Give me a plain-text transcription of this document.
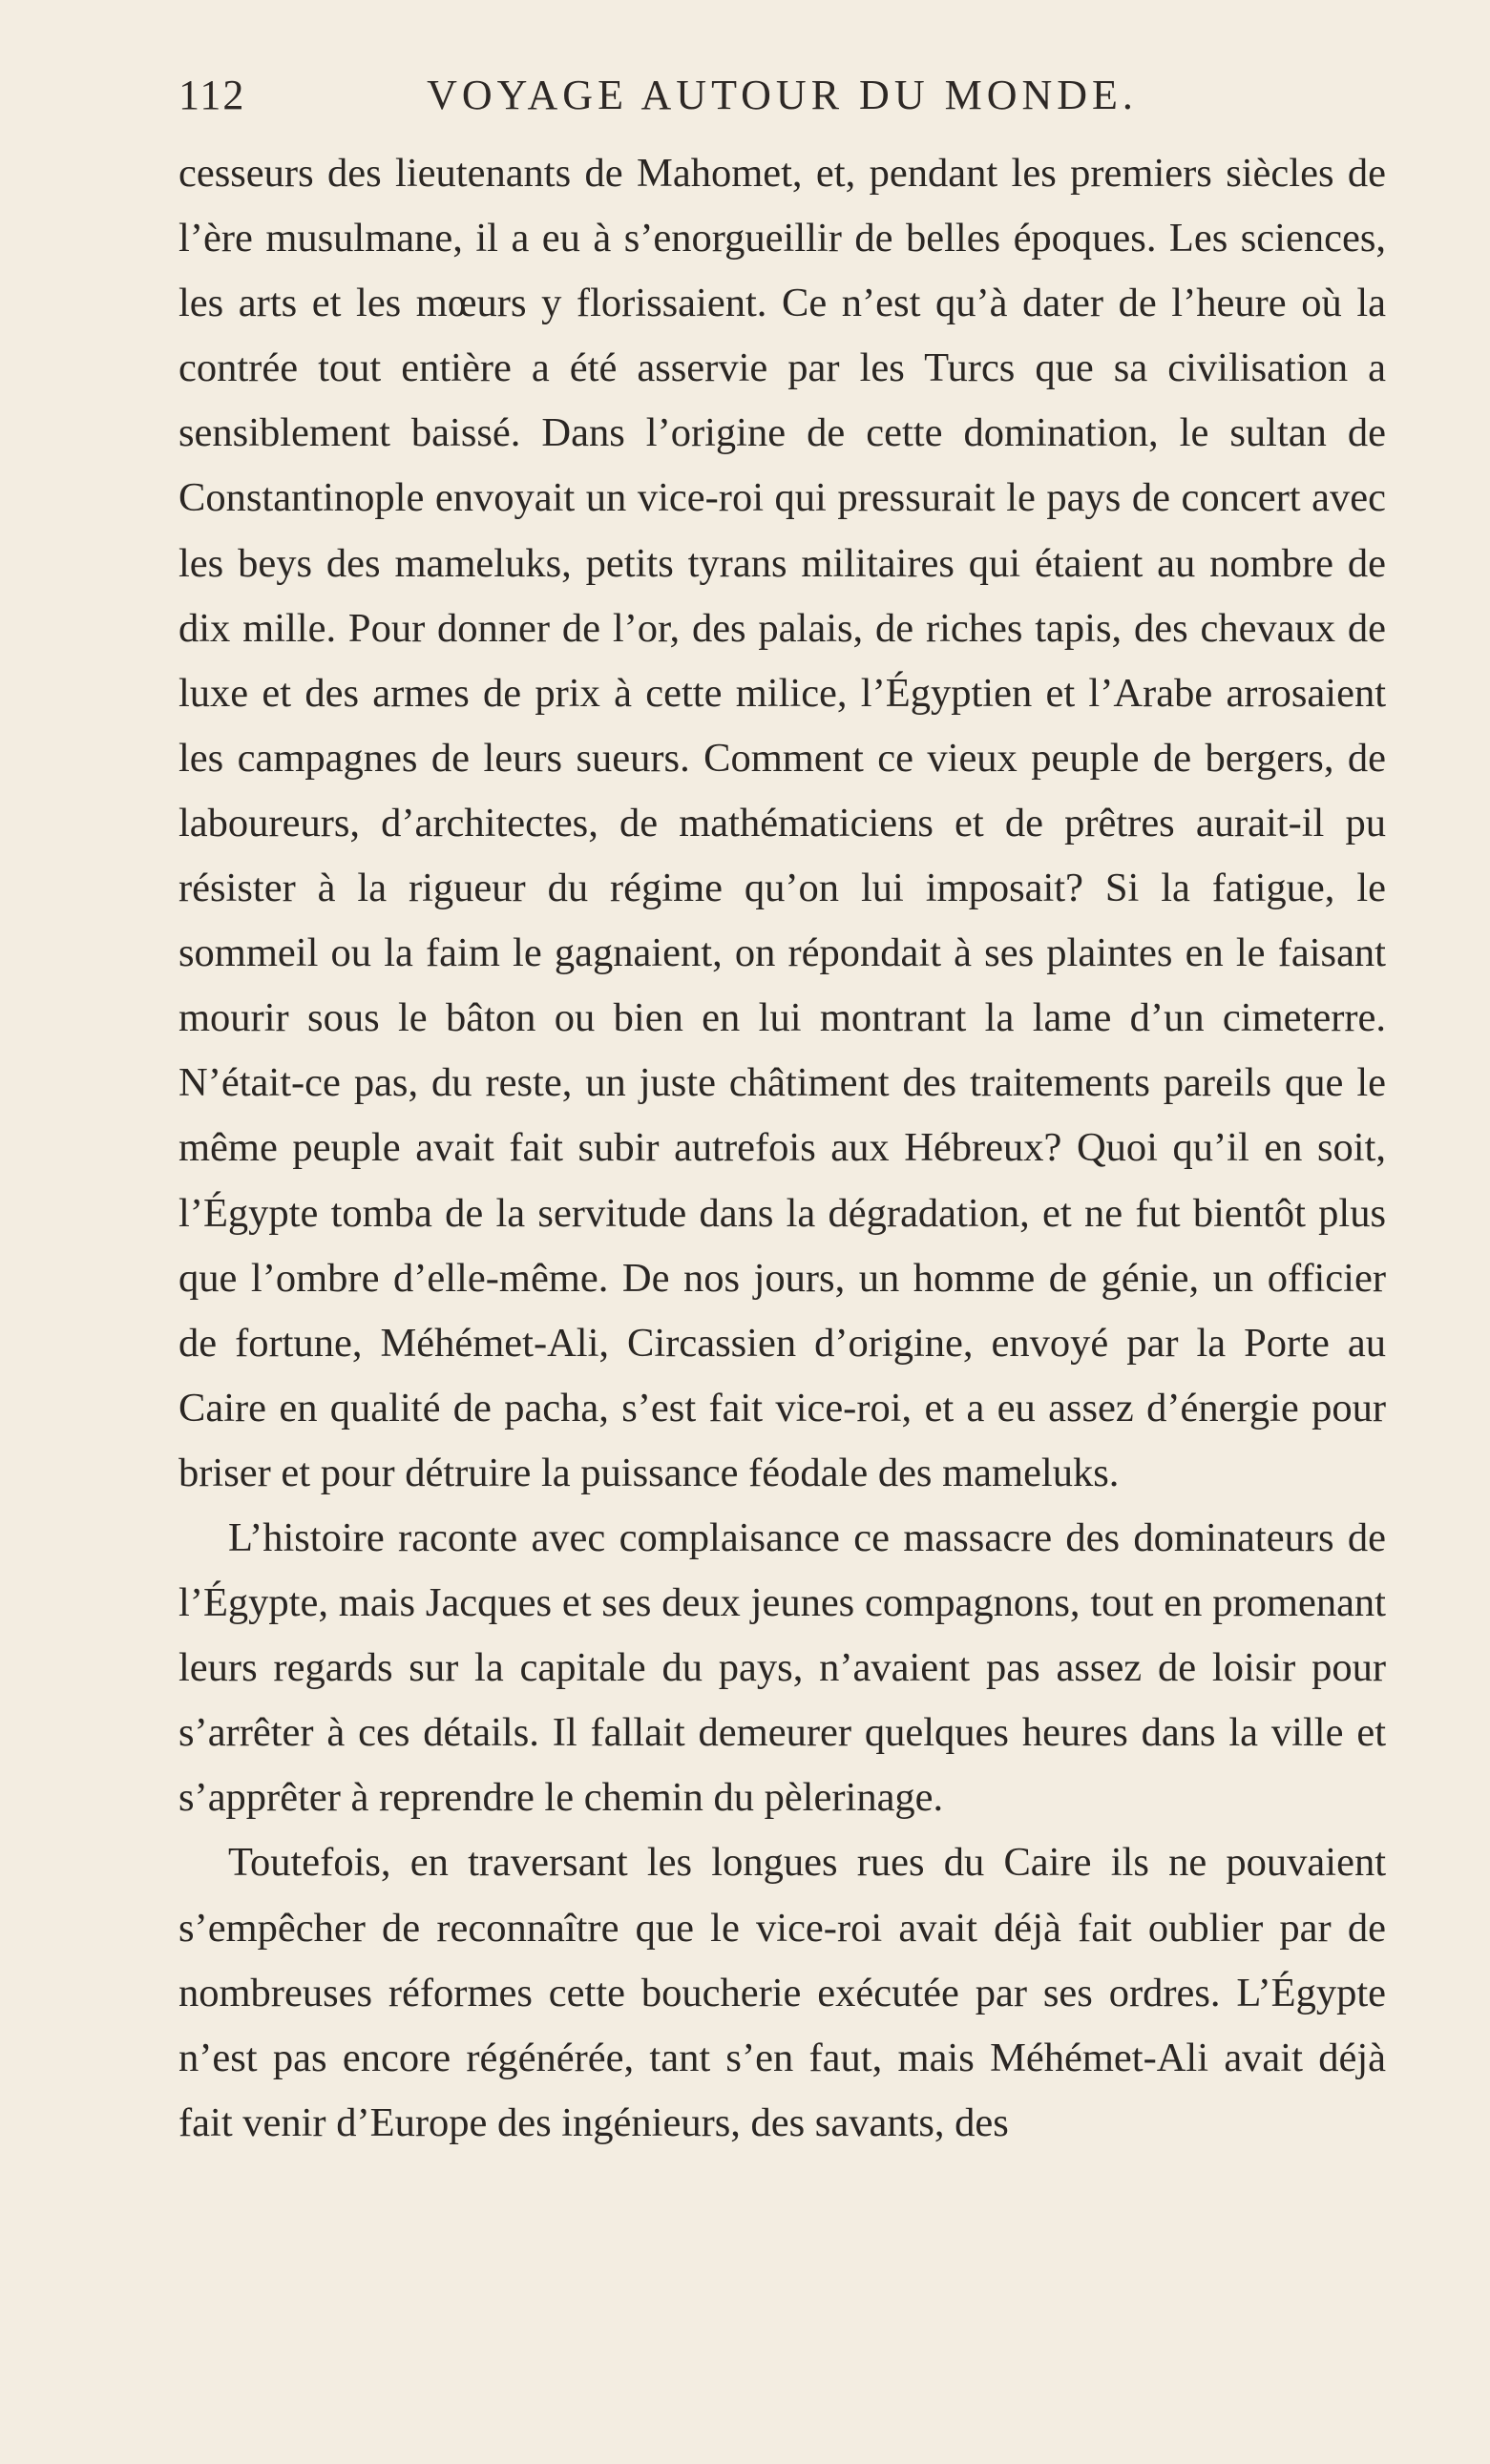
112	VOYAGE AUTOUR DU MONDE.

cesseurs des lieutenants de Mahomet, et, pendant les premiers siècles de l’ère musulmane, il a eu à s’enorgueillir de belles époques. Les sciences, les arts et les mœurs y florissaient. Ce n’est qu’à dater de l’heure où la contrée tout entière a été asservie par les Turcs que sa civilisation a sensiblement baissé. Dans l’origine de cette domination, le sultan de Constantinople envoyait un vice-roi qui pressurait le pays de concert avec les beys des mameluks, petits tyrans militaires qui étaient au nombre de dix mille. Pour donner de l’or, des palais, de riches tapis, des chevaux de luxe et des armes de prix à cette milice, l’Égyptien et l’Arabe arrosaient les campagnes de leurs sueurs. Comment ce vieux peuple de bergers, de laboureurs, d’architectes, de mathématiciens et de prêtres aurait-il pu résister à la rigueur du régime qu’on lui imposait? Si la fatigue, le sommeil ou la faim le gagnaient, on répondait à ses plaintes en le faisant mourir sous le bâton ou bien en lui montrant la lame d’un cimeterre. N’était-ce pas, du reste, un juste châtiment des traitements pareils que le même peuple avait fait subir autrefois aux Hébreux? Quoi qu’il en soit, l’Égypte tomba de la servitude dans la dégradation, et ne fut bientôt plus que l’ombre d’elle-même. De nos jours, un homme de génie, un officier de fortune, Méhémet-Ali, Circassien d’origine, envoyé par la Porte au Caire en qualité de pacha, s’est fait vice-roi, et a eu assez d’énergie pour briser et pour détruire la puissance féodale des mameluks.

L’histoire raconte avec complaisance ce massacre des dominateurs de l’Égypte, mais Jacques et ses deux jeunes compagnons, tout en promenant leurs regards sur la capitale du pays, n’avaient pas assez de loisir pour s’arrêter à ces détails. Il fallait demeurer quelques heures dans la ville et s’apprêter à reprendre le chemin du pèlerinage.

Toutefois, en traversant les longues rues du Caire ils ne pouvaient s’empêcher de reconnaître que le vice-roi avait déjà fait oublier par de nombreuses réformes cette boucherie exécutée par ses ordres. L’Égypte n’est pas encore régénérée, tant s’en faut, mais Méhémet-Ali avait déjà fait venir d’Europe des ingénieurs, des savants, des
